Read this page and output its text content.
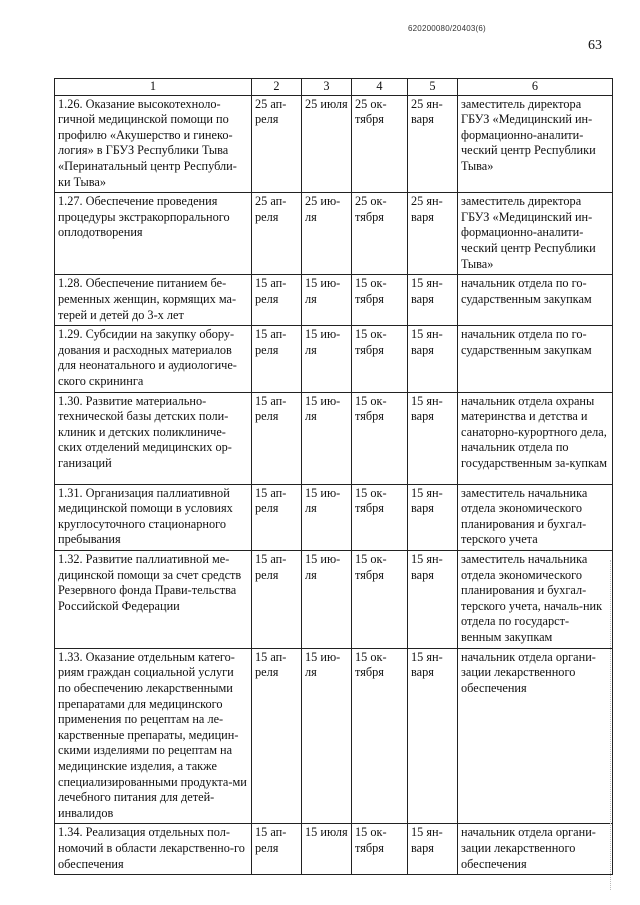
620200080/20403(6)
63
1	2	3	4	5	6
1.26. Оказание высокотехноло-гичной медицинской помощи по профилю «Акушерство и гинеко-логия» в ГБУЗ Республики Тыва «Перинатальный центр Республи-ки Тыва»	25 ап-реля	25 июля	25 ок-тября	25 ян-варя	заместитель директора ГБУЗ «Медицинский ин-формационно-аналити-ческий центр Республики Тыва»
1.27. Обеспечение проведения процедуры экстракорпорального оплодотворения	25 ап-реля	25 ию-ля	25 ок-тября	25 ян-варя	заместитель директора ГБУЗ «Медицинский ин-формационно-аналити-ческий центр Республики Тыва»
1.28. Обеспечение питанием бе-ременных женщин, кормящих ма-терей и детей до 3-х лет	15 ап-реля	15 ию-ля	15 ок-тября	15 ян-варя	начальник отдела по го-сударственным закупкам
1.29. Субсидии на закупку обору-дования и расходных материалов для неонатального и аудиологиче-ского скрининга	15 ап-реля	15 ию-ля	15 ок-тября	15 ян-варя	начальник отдела по го-сударственным закупкам
1.30. Развитие материально-технической базы детских поли-клиник и детских поликлиниче-ских отделений медицинских ор-ганизаций	15 ап-реля	15 ию-ля	15 ок-тября	15 ян-варя	начальник отдела охраны материнства и детства и санаторно-курортного дела, начальник отдела по государственным за-купкам
1.31. Организация паллиативной медицинской помощи в условиях круглосуточного стационарного пребывания	15 ап-реля	15 ию-ля	15 ок-тября	15 ян-варя	заместитель начальника отдела экономического планирования и бухгал-терского учета
1.32. Развитие паллиативной ме-дицинской помощи за счет средств Резервного фонда Прави-тельства Российской Федерации	15 ап-реля	15 ию-ля	15 ок-тября	15 ян-варя	заместитель начальника отдела экономического планирования и бухгал-терского учета, началь-ник отдела по государст-венным закупкам
1.33. Оказание отдельным катего-риям граждан социальной услуги по обеспечению лекарственными препаратами для медицинского применения по рецептам на ле-карственные препараты, медицин-скими изделиями по рецептам на медицинские изделия, а также специализированными продукта-ми лечебного питания для детей-инвалидов	15 ап-реля	15 ию-ля	15 ок-тября	15 ян-варя	начальник отдела органи-зации лекарственного обеспечения
1.34. Реализация отдельных пол-номочий в области лекарственно-го обеспечения	15 ап-реля	15 июля	15 ок-тября	15 ян-варя	начальник отдела органи-зации лекарственного обеспечения
